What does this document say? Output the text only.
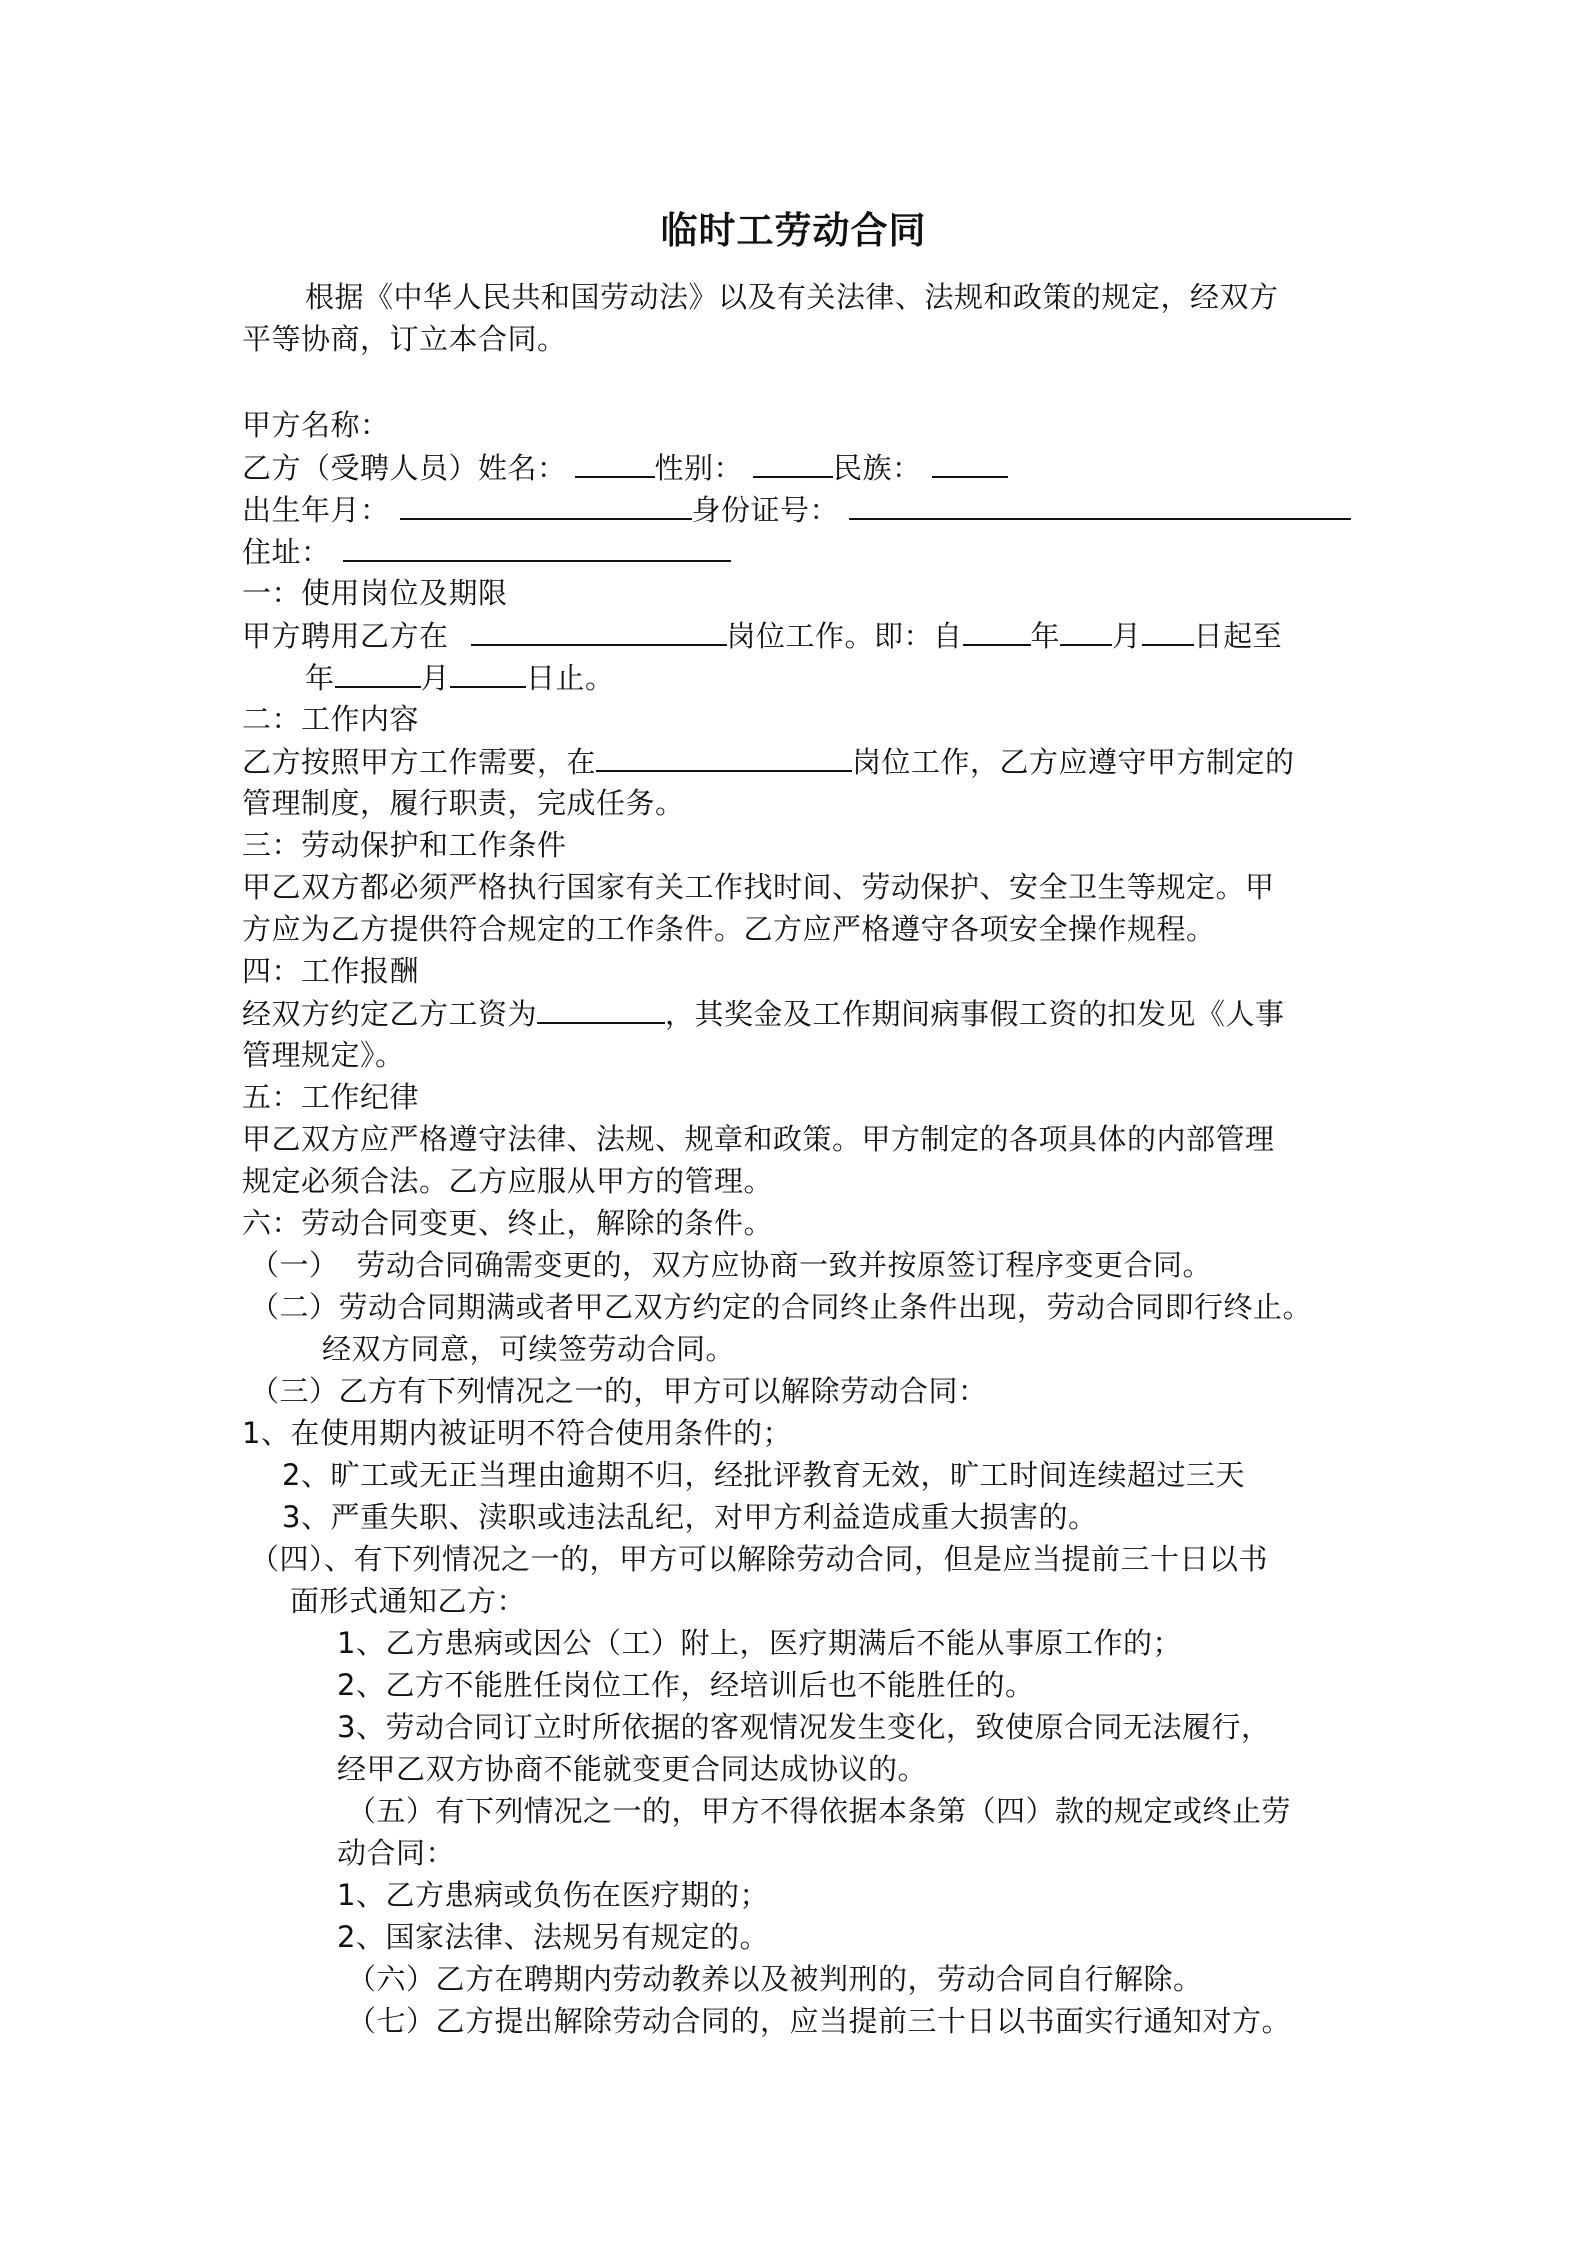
临时工劳动合同
根据《中华人民共和国劳动法》以及有关法律、法规和政策的规定，经双方
平等协商，订立本合同。
甲方名称：
乙方（受聘人员）姓名：	性别：	民族：
出生年月：	身份证号：
住址：
一：使用岗位及期限
甲方聘用乙方在	岗位工作。即：自 年 月 日起至
年	月	日止。
二：工作内容
乙方按照甲方工作需要，在	岗位工作，乙方应遵守甲方制定的
管理制度，履行职责，完成任务。
三：劳动保护和工作条件
甲乙双方都必须严格执行国家有关工作找时间、劳动保护、安全卫生等规定。甲
方应为乙方提供符合规定的工作条件。乙方应严格遵守各项安全操作规程。
四：工作报酬
经双方约定乙方工资为	，其奖金及工作期间病事假工资的扣发见《人事
管理规定》。
五：工作纪律
甲乙双方应严格遵守法律、法规、规章和政策。甲方制定的各项具体的内部管理
规定必须合法。乙方应服从甲方的管理。
六：劳动合同变更、终止，解除的条件。
（一） 劳动合同确需变更的，双方应协商一致并按原签订程序变更合同。
（二）劳动合同期满或者甲乙双方约定的合同终止条件出现，劳动合同即行终止。
经双方同意，可续签劳动合同。
（三）乙方有下列情况之一的，甲方可以解除劳动合同：
1、在使用期内被证明不符合使用条件的；
2、旷工或无正当理由逾期不归，经批评教育无效，旷工时间连续超过三天
3、严重失职、渎职或违法乱纪，对甲方利益造成重大损害的。
（四）、有下列情况之一的，甲方可以解除劳动合同，但是应当提前三十日以书
面形式通知乙方：
1、乙方患病或因公（工）附上，医疗期满后不能从事原工作的；
2、乙方不能胜任岗位工作，经培训后也不能胜任的。
3、劳动合同订立时所依据的客观情况发生变化，致使原合同无法履行，
经甲乙双方协商不能就变更合同达成协议的。
（五）有下列情况之一的，甲方不得依据本条第（四）款的规定或终止劳
动合同：
1、乙方患病或负伤在医疗期的；
2、国家法律、法规另有规定的。
（六）乙方在聘期内劳动教养以及被判刑的，劳动合同自行解除。
（七）乙方提出解除劳动合同的，应当提前三十日以书面实行通知对方。
